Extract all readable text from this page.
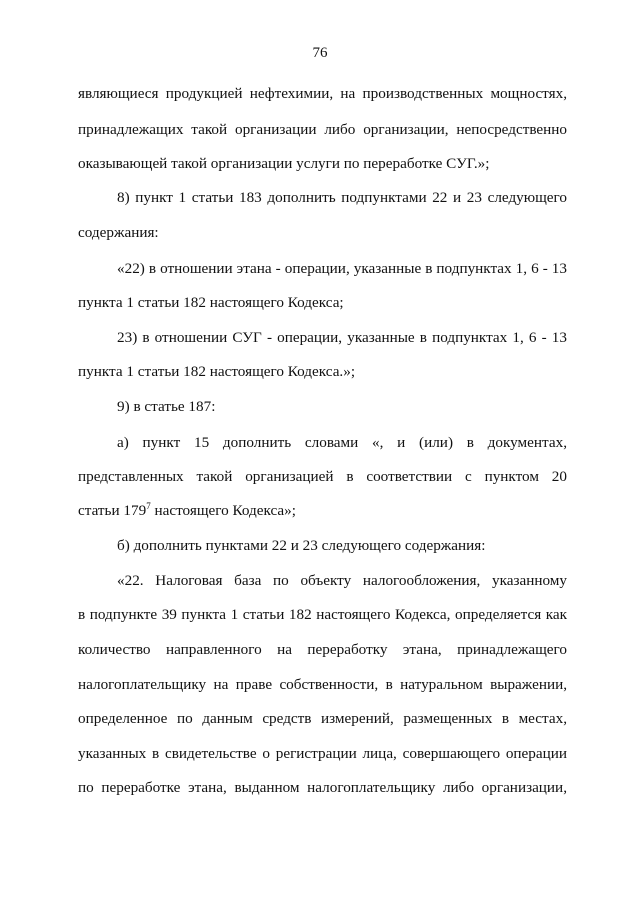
76
являющиеся продукцией нефтехимии, на производственных мощностях,
принадлежащих такой организации либо организации, непосредственно
оказывающей такой организации услуги по переработке СУГ.»;
8) пункт 1 статьи 183 дополнить подпунктами 22 и 23 следующего
содержания:
«22) в отношении этана - операции, указанные в подпунктах 1, 6 - 13
пункта 1 статьи 182 настоящего Кодекса;
23) в отношении СУГ - операции, указанные в подпунктах 1, 6 - 13
пункта 1 статьи 182 настоящего Кодекса.»;
9) в статье 187:
а) пункт 15 дополнить словами «, и (или) в документах,
представленных такой организацией в соответствии с пунктом 20
статьи $179^7$ настоящего Кодекса»;
б) дополнить пунктами 22 и 23 следующего содержания:
«22. Налоговая база по объекту налогообложения, указанному
в подпункте 39 пункта 1 статьи 182 настоящего Кодекса, определяется как
количество направленного на переработку этана, принадлежащего
налогоплательщику на праве собственности, в натуральном выражении,
определенное по данным средств измерений, размещенных в местах,
указанных в свидетельстве о регистрации лица, совершающего операции
по переработке этана, выданном налогоплательщику либо организации,
